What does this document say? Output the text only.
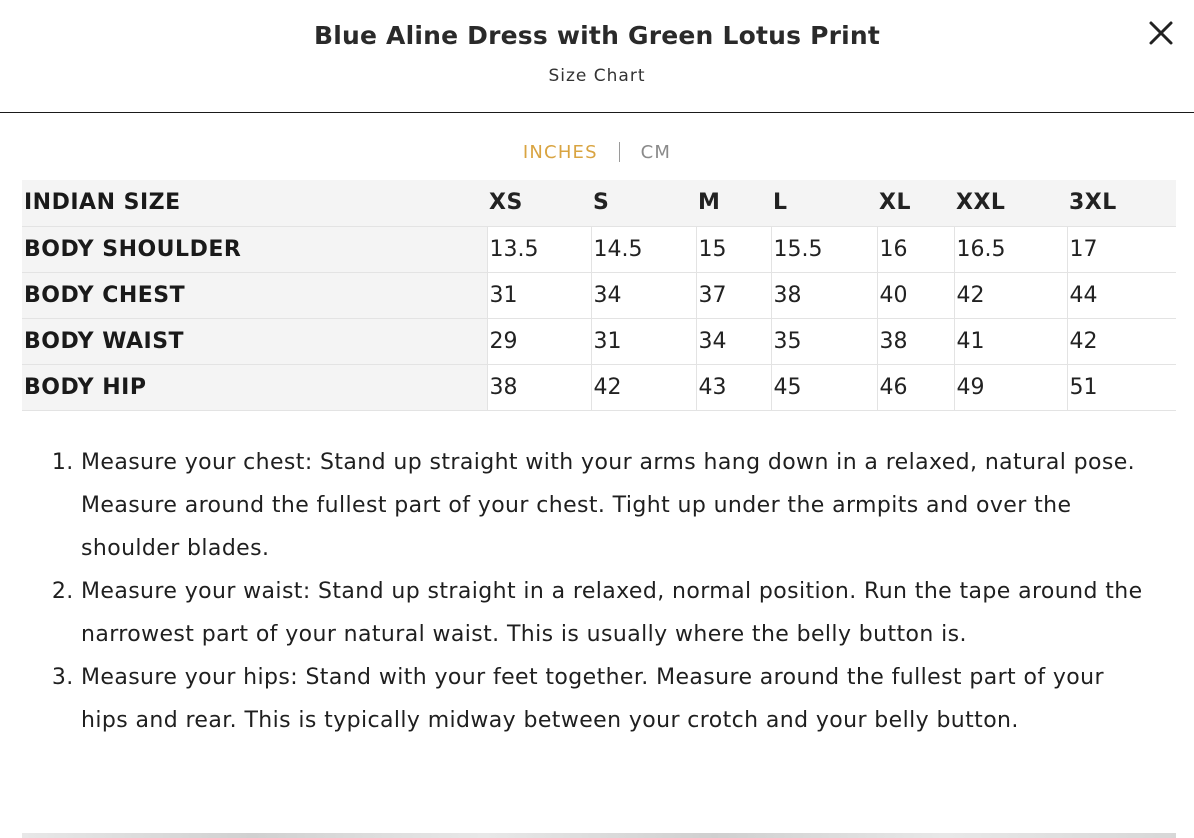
Blue Aline Dress with Green Lotus Print
Size Chart
INCHES CM
INDIAN SIZE	XS	S	M	L	XL	XXL	3XL
BODY SHOULDER	13.5	14.5	15	15.5	16	16.5	17
BODY CHEST	31	34	37	38	40	42	44
BODY WAIST	29	31	34	35	38	41	42
BODY HIP	38	42	43	45	46	49	51
1. Measure your chest: Stand up straight with your arms hang down in a relaxed, natural pose. Measure around the fullest part of your chest. Tight up under the armpits and over the shoulder blades.
2. Measure your waist: Stand up straight in a relaxed, normal position. Run the tape around the narrowest part of your natural waist. This is usually where the belly button is.
3. Measure your hips: Stand with your feet together. Measure around the fullest part of your hips and rear. This is typically midway between your crotch and your belly button.
